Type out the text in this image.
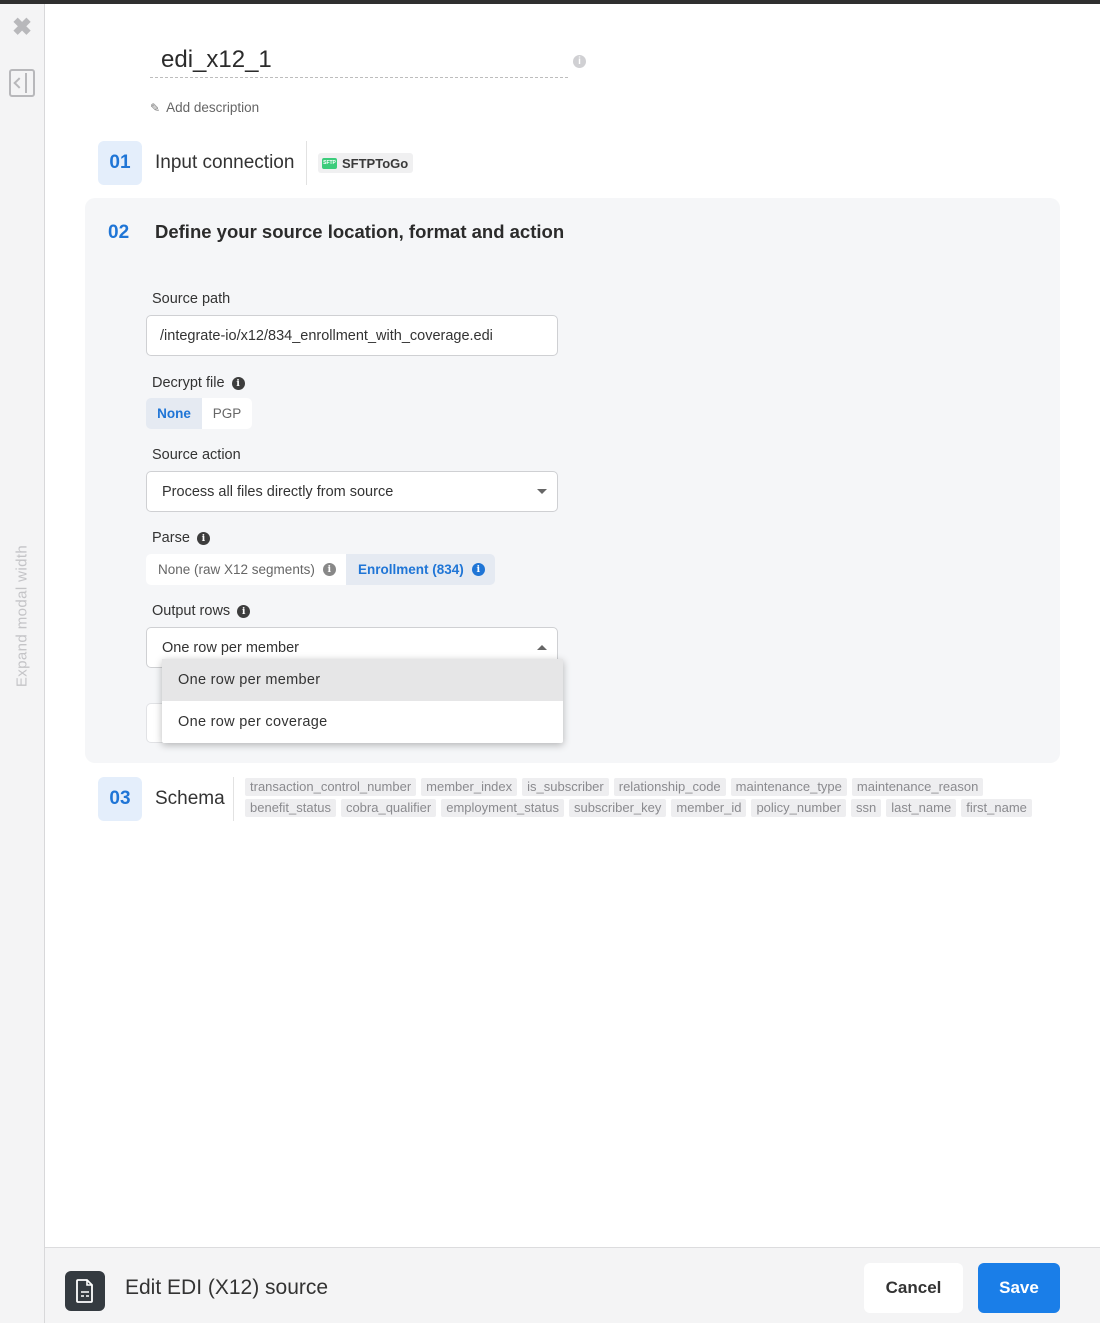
✖
Expand modal width
edi_x12_1
i
✎ Add description
01	Input connection	SFTP SFTPToGo
02 Define your source location, format and action
Source path
/integrate-io/x12/834_enrollment_with_coverage.edi
Decrypt file	i
None	PGP
Source action
Process all files directly from source
Parse	i
None (raw X12 segments)	i	Enrollment (834)	i
Output rows	i
One row per member
One row per member
One row per coverage
03	Schema
transaction_control_number	member_index	is_subscriber	relationship_code	maintenance_type	maintenance_reason
benefit_status	cobra_qualifier	employment_status	subscriber_key	member_id	policy_number	ssn	last_name	first_name
Edit EDI (X12) source	Cancel	Save
